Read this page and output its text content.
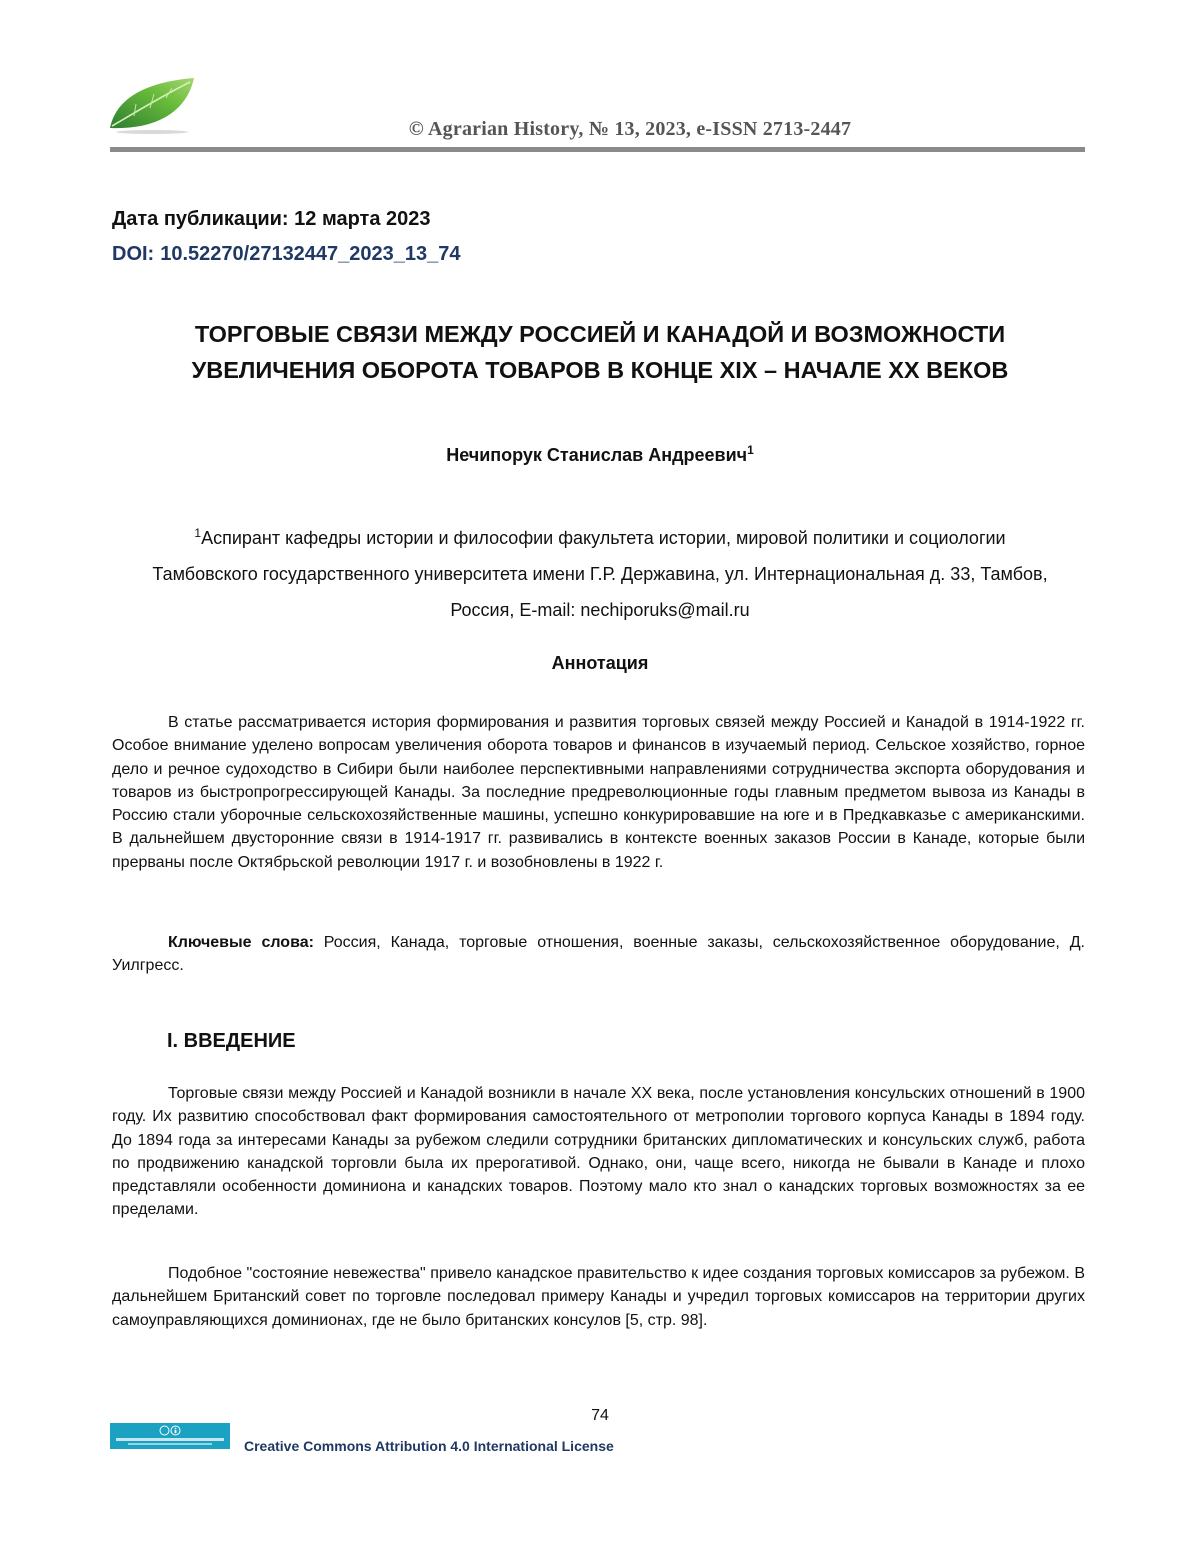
© Agrarian History, № 13, 2023, e-ISSN 2713-2447
Дата публикации: 12 марта 2023
DOI: 10.52270/27132447_2023_13_74
ТОРГОВЫЕ СВЯЗИ МЕЖДУ РОССИЕЙ И КАНАДОЙ И ВОЗМОЖНОСТИ
УВЕЛИЧЕНИЯ ОБОРОТА ТОВАРОВ В КОНЦЕ XIX – НАЧАЛЕ XX ВЕКОВ
Нечипорук Станислав Андреевич$^1$
$^1$Аспирант кафедры истории и философии факультета истории, мировой политики и социологии Тамбовского государственного университета имени Г.Р. Державина, ул. Интернациональная д. 33, Тамбов, Россия, E-mail: nechiporuks@mail.ru
Аннотация

В статье рассматривается история формирования и развития торговых связей между Россией и Канадой в 1914-1922 гг. Особое внимание уделено вопросам увеличения оборота товаров и финансов в изучаемый период. Сельское хозяйство, горное дело и речное судоходство в Сибири были наиболее перспективными направлениями сотрудничества экспорта оборудования и товаров из быстропрогрессирующей Канады. За последние предреволюционные годы главным предметом вывоза из Канады в Россию стали уборочные сельскохозяйственные машины, успешно конкурировавшие на юге и в Предкавказье с американскими. В дальнейшем двусторонние связи в 1914-1917 гг. развивались в контексте военных заказов России в Канаде, которые были прерваны после Октябрьской революции 1917 г. и возобновлены в 1922 г.

Ключевые слова: Россия, Канада, торговые отношения, военные заказы, сельскохозяйственное оборудование, Д. Уилгресс.

I. ВВЕДЕНИЕ

Торговые связи между Россией и Канадой возникли в начале XX века, после установления консульских отношений в 1900 году. Их развитию способствовал факт формирования самостоятельного от метрополии торгового корпуса Канады в 1894 году. До 1894 года за интересами Канады за рубежом следили сотрудники британских дипломатических и консульских служб, работа по продвижению канадской торговли была их прерогативой. Однако, они, чаще всего, никогда не бывали в Канаде и плохо представляли особенности доминиона и канадских товаров. Поэтому мало кто знал о канадских торговых возможностях за ее пределами.

Подобное "состояние невежества" привело канадское правительство к идее создания торговых комиссаров за рубежом. В дальнейшем Британский совет по торговле последовал примеру Канады и учредил торговых комиссаров на территории других самоуправляющихся доминионах, где не было британских консулов [5, стр. 98].

74
Creative Commons Attribution 4.0 International License
